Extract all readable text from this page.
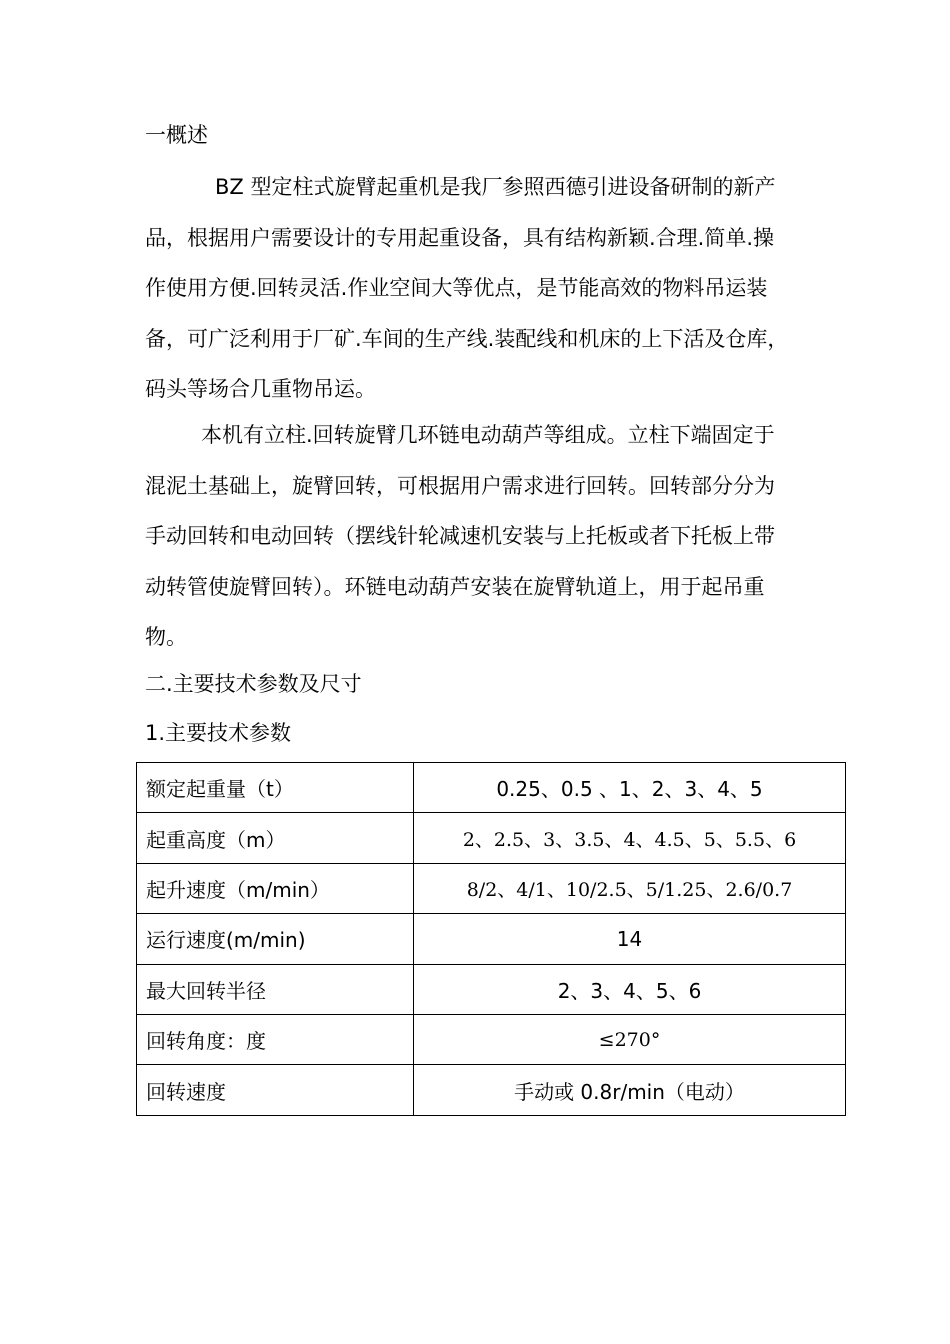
一概述
BZ 型定柱式旋臂起重机是我厂参照西德引进设备研制的新产
品，根据用户需要设计的专用起重设备，具有结构新颖.合理.简单.操
作使用方便.回转灵活.作业空间大等优点，是节能高效的物料吊运装
备，可广泛利用于厂矿.车间的生产线.装配线和机床的上下活及仓库，
码头等场合几重物吊运。
本机有立柱.回转旋臂几环链电动葫芦等组成。立柱下端固定于
混泥土基础上，旋臂回转，可根据用户需求进行回转。回转部分分为
手动回转和电动回转（摆线针轮减速机安装与上托板或者下托板上带
动转管使旋臂回转）。环链电动葫芦安装在旋臂轨道上，用于起吊重
物。
二.主要技术参数及尺寸
1.主要技术参数
额定起重量（t）	0.25、0.5 、1、2、3、4、5
起重高度（m）	2、2.5、3、3.5、4、4.5、5、5.5、6
起升速度（m/min）	8/2、4/1、10/2.5、5/1.25、2.6/0.7
运行速度(m/min)	14
最大回转半径	2、3、4、5、6
回转角度：度	≤270°
回转速度	手动或 0.8r/min（电动）
